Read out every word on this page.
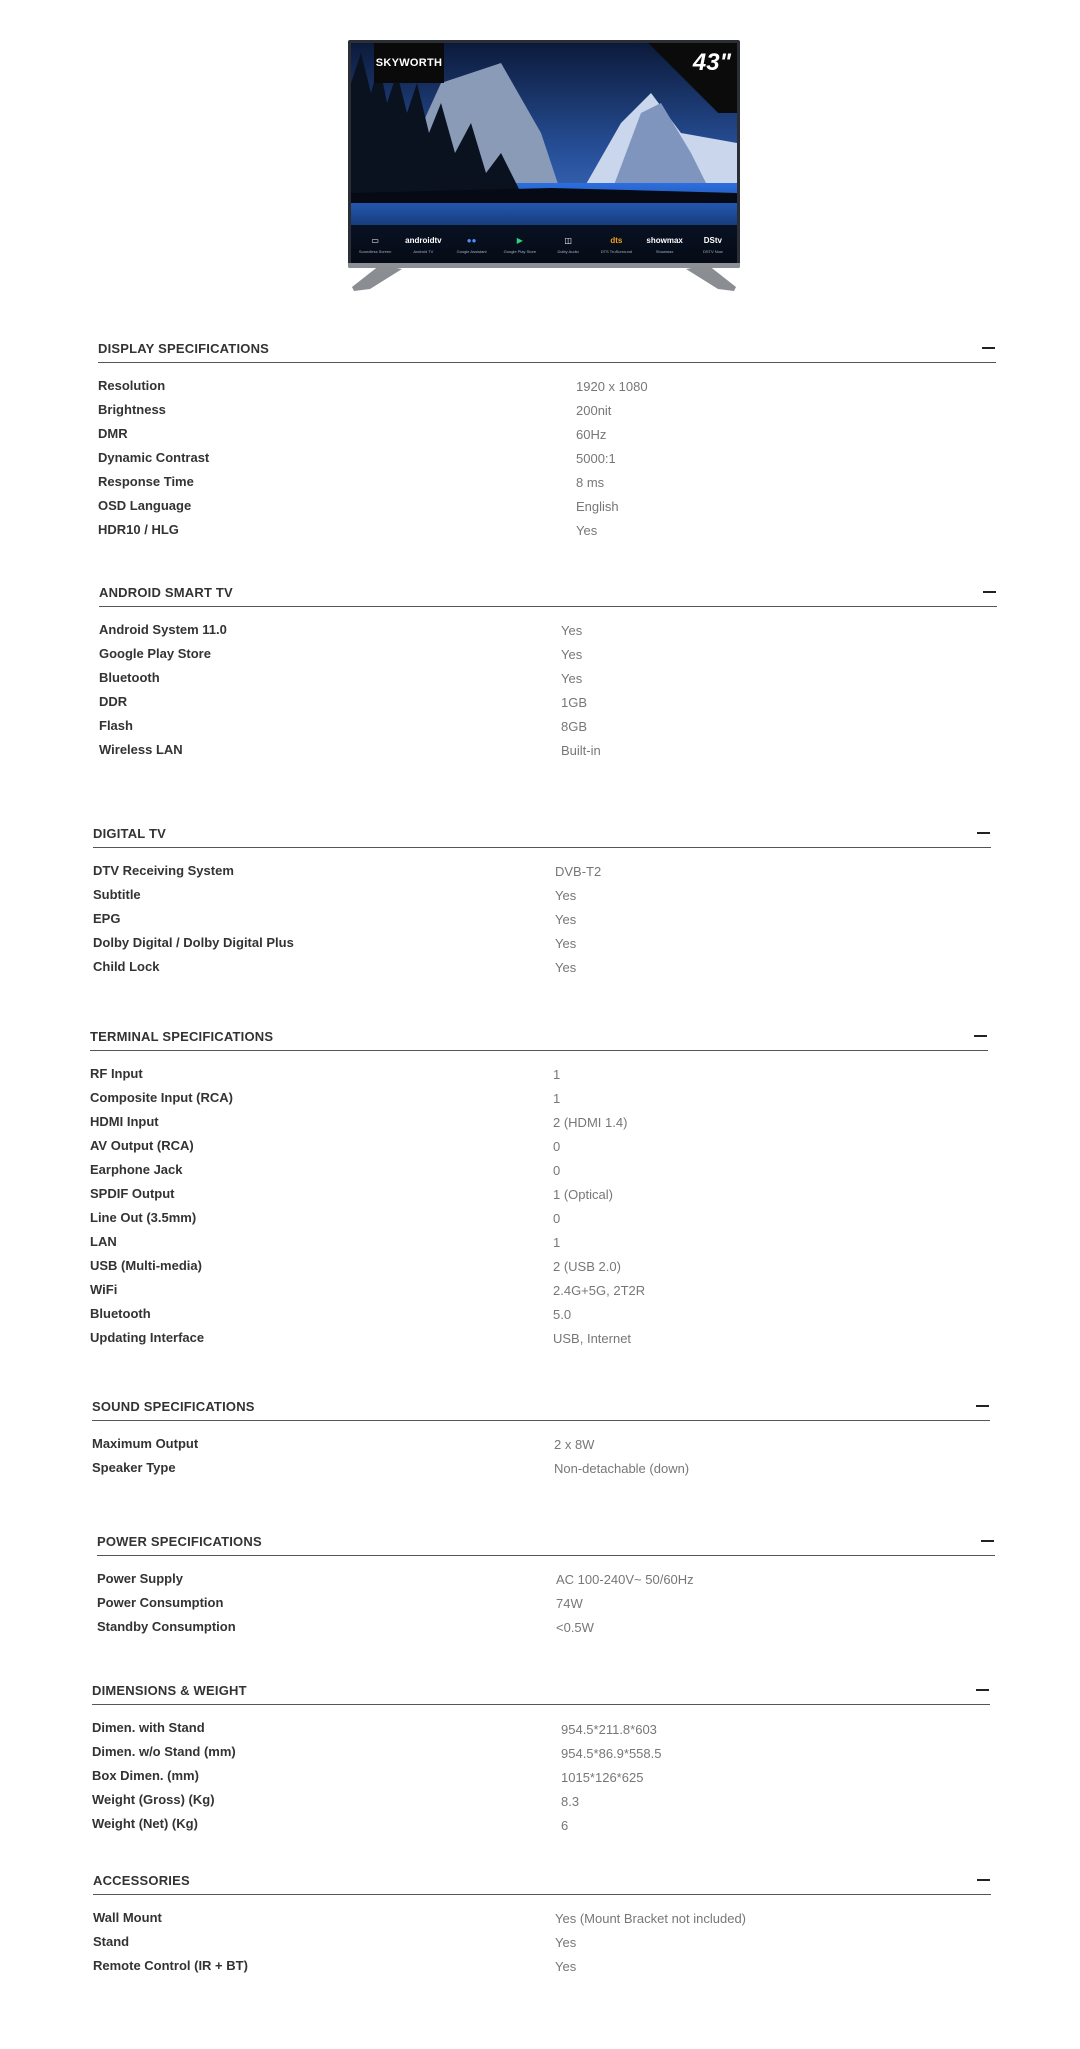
SKYWORTH	43"
▭
Soundless Screen
androidtv
Android TV
●●
Google Assistant
▶
Google Play Store
◫
Dolby Audio
dts
DTS TruSurround
showmax
Showmax
DStv
DSTV Now
DISPLAY SPECIFICATIONS
Resolution	1920 x 1080
Brightness	200nit
DMR	60Hz
Dynamic Contrast	5000:1
Response Time	8 ms
OSD Language	English
HDR10 / HLG	Yes
ANDROID SMART TV
Android System 11.0	Yes
Google Play Store	Yes
Bluetooth	Yes
DDR	1GB
Flash	8GB
Wireless LAN	Built-in
DIGITAL TV
DTV Receiving System	DVB-T2
Subtitle	Yes
EPG	Yes
Dolby Digital / Dolby Digital Plus	Yes
Child Lock	Yes
TERMINAL SPECIFICATIONS
RF Input	1
Composite Input (RCA)	1
HDMI Input	2 (HDMI 1.4)
AV Output (RCA)	0
Earphone Jack	0
SPDIF Output	1 (Optical)
Line Out (3.5mm)	0
LAN	1
USB (Multi-media)	2 (USB 2.0)
WiFi	2.4G+5G, 2T2R
Bluetooth	5.0
Updating Interface	USB, Internet
SOUND SPECIFICATIONS
Maximum Output	2 x 8W
Speaker Type	Non-detachable (down)
POWER SPECIFICATIONS
Power Supply	AC 100-240V~ 50/60Hz
Power Consumption	74W
Standby Consumption	<0.5W
DIMENSIONS & WEIGHT
Dimen. with Stand	954.5*211.8*603
Dimen. w/o Stand (mm)	954.5*86.9*558.5
Box Dimen. (mm)	1015*126*625
Weight (Gross) (Kg)	8.3
Weight (Net) (Kg)	6
ACCESSORIES
Wall Mount	Yes (Mount Bracket not included)
Stand	Yes
Remote Control (IR + BT)	Yes
